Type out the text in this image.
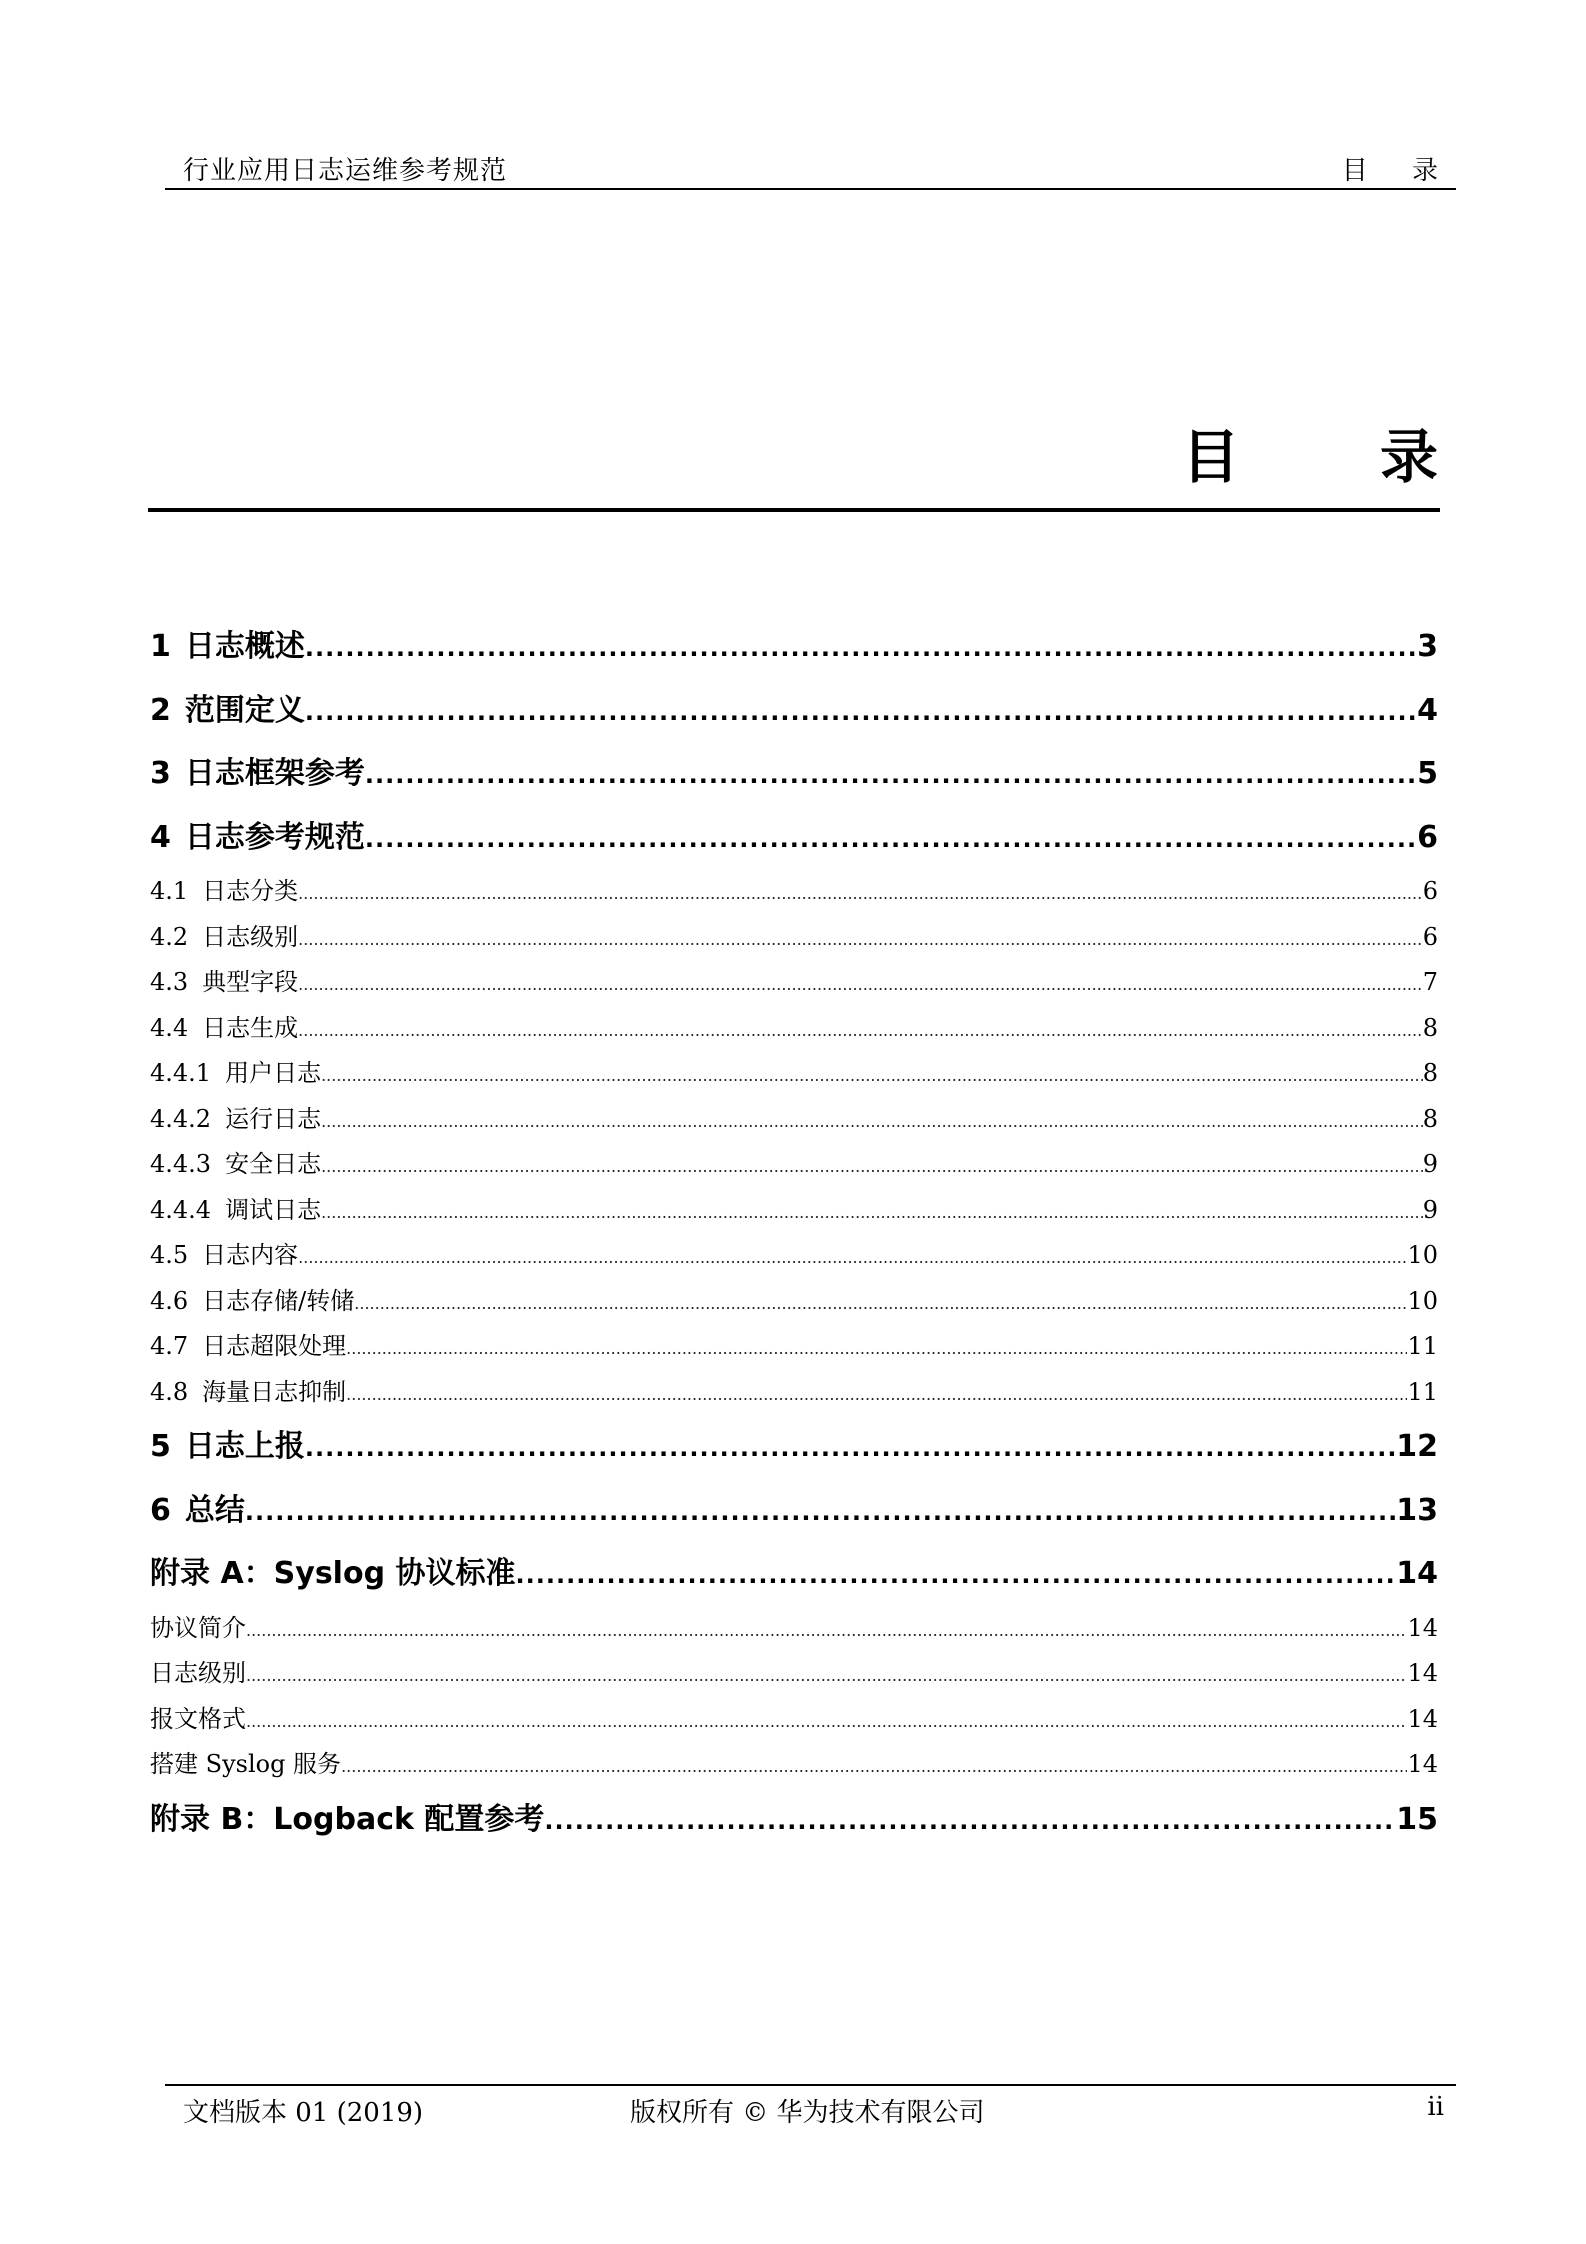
行业应用日志运维参考规范	目 录
目 录
1 日志概述 .....	3
2 范围定义 .....	4
3 日志框架参考 .....	5
4 日志参考规范 .....	6
4.1 日志分类 .....	6
4.2 日志级别 .....	6
4.3 典型字段 .....	7
4.4 日志生成 .....	8
4.4.1 用户日志 .....	8
4.4.2 运行日志 .....	8
4.4.3 安全日志 .....	9
4.4.4 调试日志 .....	9
4.5 日志内容 .....	10
4.6 日志存储/转储 .....	10
4.7 日志超限处理 .....	11
4.8 海量日志抑制 .....	11
5 日志上报 .....	12
6 总结 .....	13
附录 A：Syslog 协议标准 .....	14
协议简介 .....	14
日志级别 .....	14
报文格式 .....	14
搭建 Syslog 服务 .....	14
附录 B：Logback 配置参考 .....	15
文档版本 01 (2019)	版权所有 © 华为技术有限公司	ii
